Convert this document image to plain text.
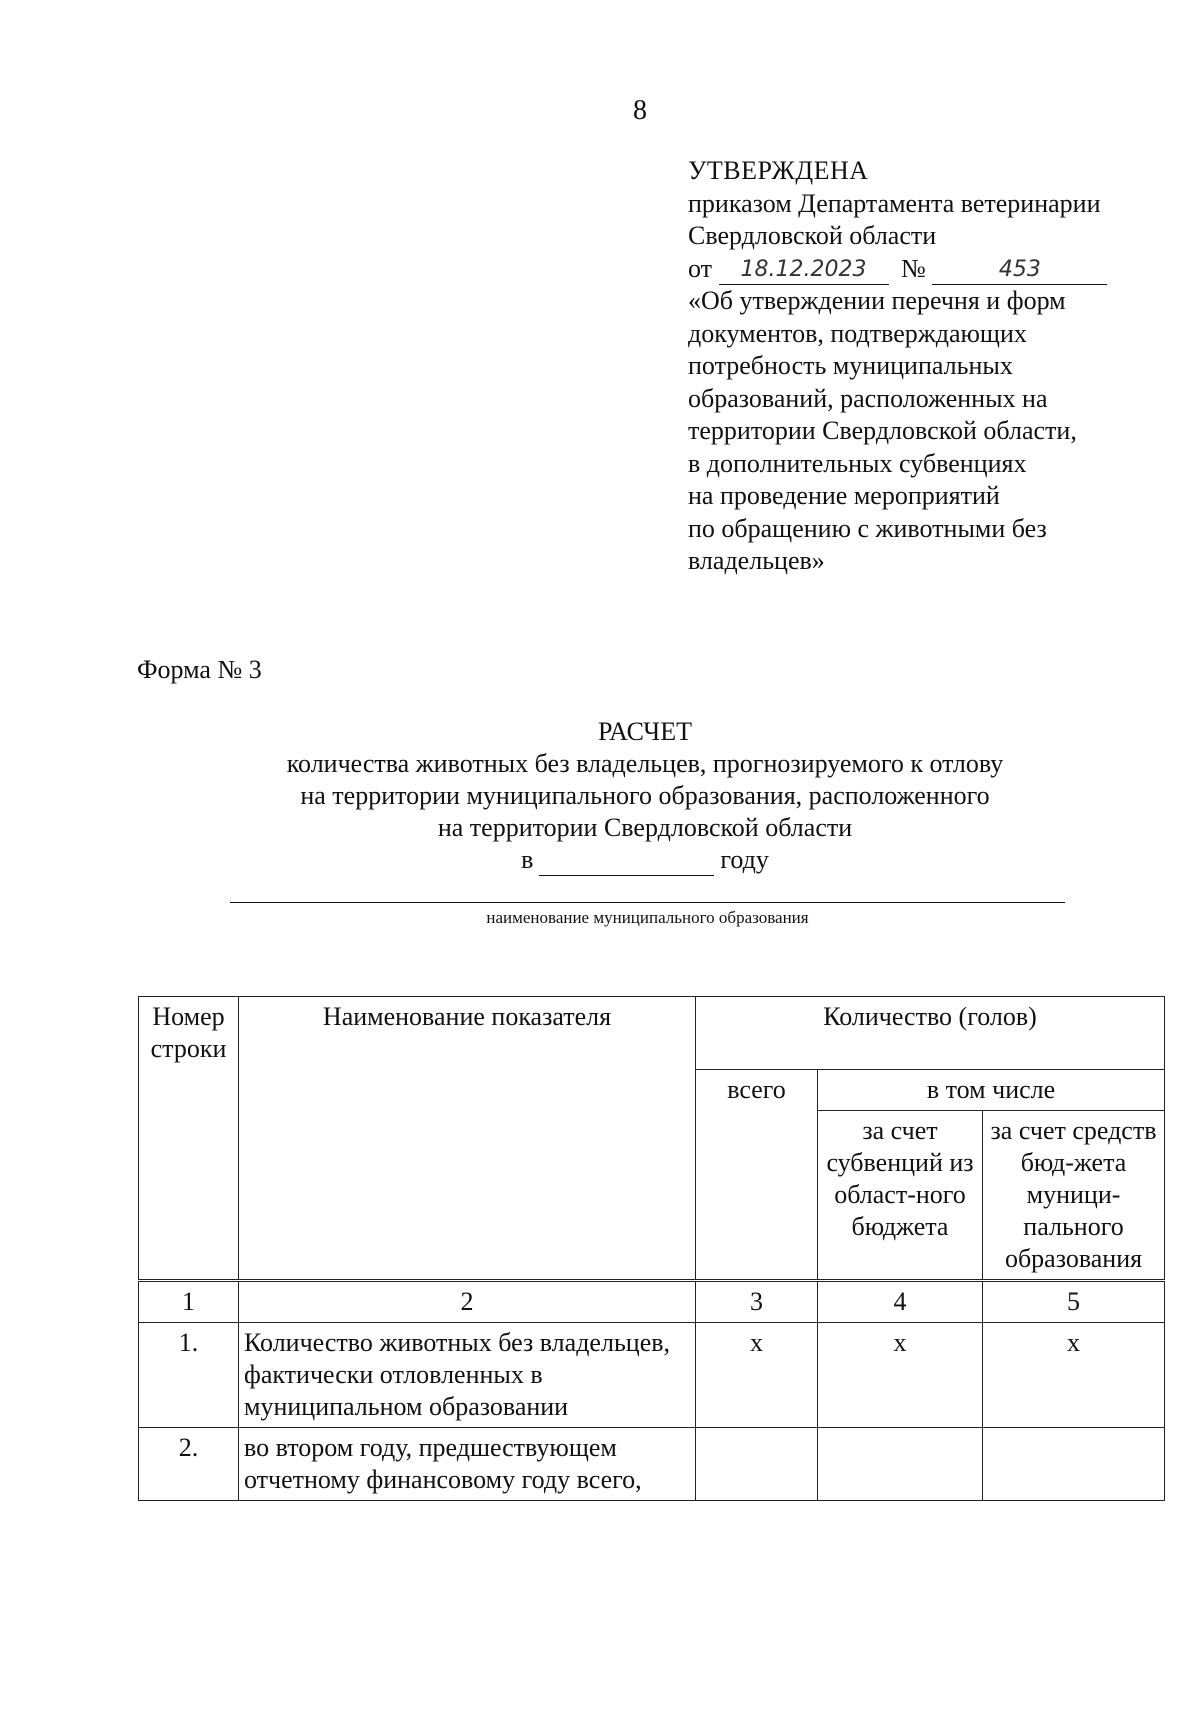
8
УТВЕРЖДЕНА
приказом Департамента ветеринарии
Свердловской области
от 18.12.2023 №	453
«Об утверждении перечня и форм
документов, подтверждающих
потребность муниципальных
образований, расположенных на
территории Свердловской области,
в дополнительных субвенциях
на проведение мероприятий
по обращению с животными без
владельцев»
Форма № 3
РАСЧЕТ
количества животных без владельцев, прогнозируемого к отлову
на территории муниципального образования, расположенного
на территории Свердловской области
в	году
наименование муниципального образования
Номер строки	Наименование показателя	Количество (голов)		
		всего	в том числе	
			за счет субвенций из област-ного бюджета	за счет средств бюд-жета муници-пального образования
1	2	3	4	5
1.	Количество животных без владельцев, фактически отловленных в муниципальном образовании	х	х	х
2.	во втором году, предшествующем отчетному финансовому году всего,			
